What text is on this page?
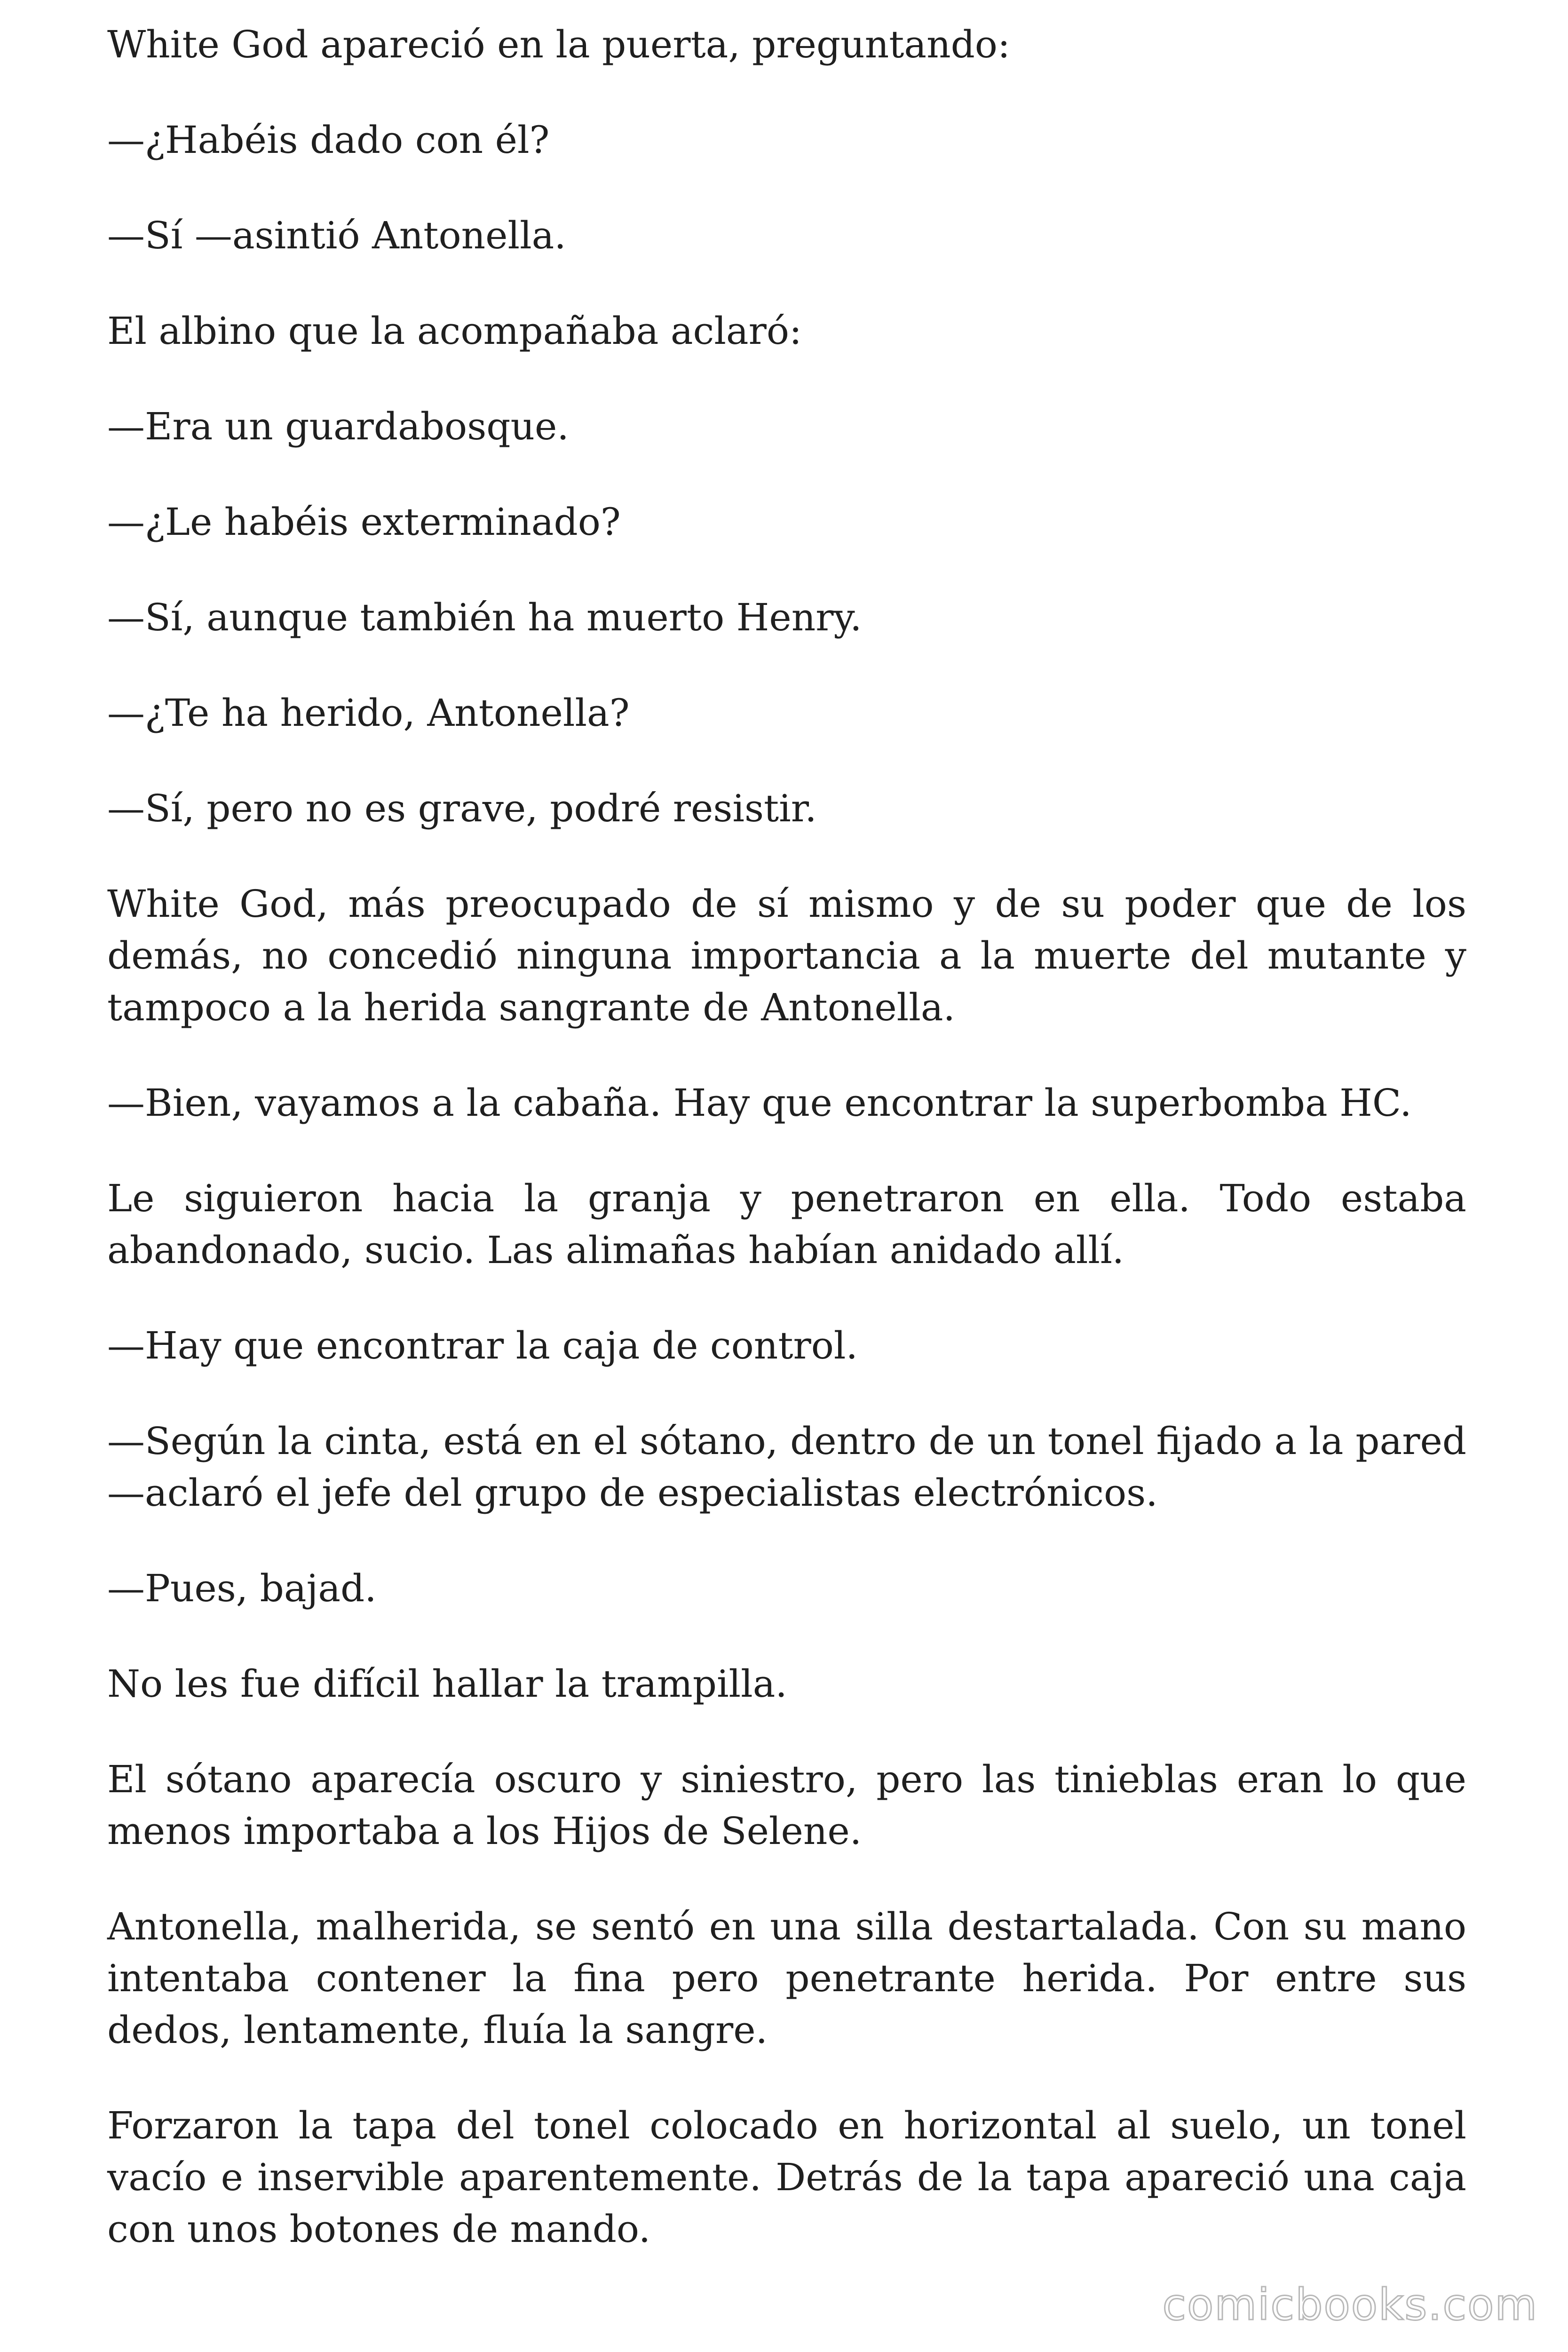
White God apareció en la puerta, preguntando:

—¿Habéis dado con él?

—Sí —asintió Antonella.

El albino que la acompañaba aclaró:

—Era un guardabosque.

—¿Le habéis exterminado?

—Sí, aunque también ha muerto Henry.

—¿Te ha herido, Antonella?

—Sí, pero no es grave, podré resistir.

White God, más preocupado de sí mismo y de su poder que de los demás, no concedió ninguna importancia a la muerte del mutante y tampoco a la herida sangrante de Antonella.

—Bien, vayamos a la cabaña. Hay que encontrar la superbomba HC.

Le siguieron hacia la granja y penetraron en ella. Todo estaba abandonado, sucio. Las alimañas habían anidado allí.

—Hay que encontrar la caja de control.

—Según la cinta, está en el sótano, dentro de un tonel fijado a la pared —aclaró el jefe del grupo de especialistas electrónicos.

—Pues, bajad.

No les fue difícil hallar la trampilla.

El sótano aparecía oscuro y siniestro, pero las tinieblas eran lo que menos importaba a los Hijos de Selene.

Antonella, malherida, se sentó en una silla destartalada. Con su mano intentaba contener la fina pero penetrante herida. Por entre sus dedos, lentamente, fluía la sangre.

Forzaron la tapa del tonel colocado en horizontal al suelo, un tonel vacío e inservible aparentemente. Detrás de la tapa apareció una caja con unos botones de mando.

comicbooks.com
